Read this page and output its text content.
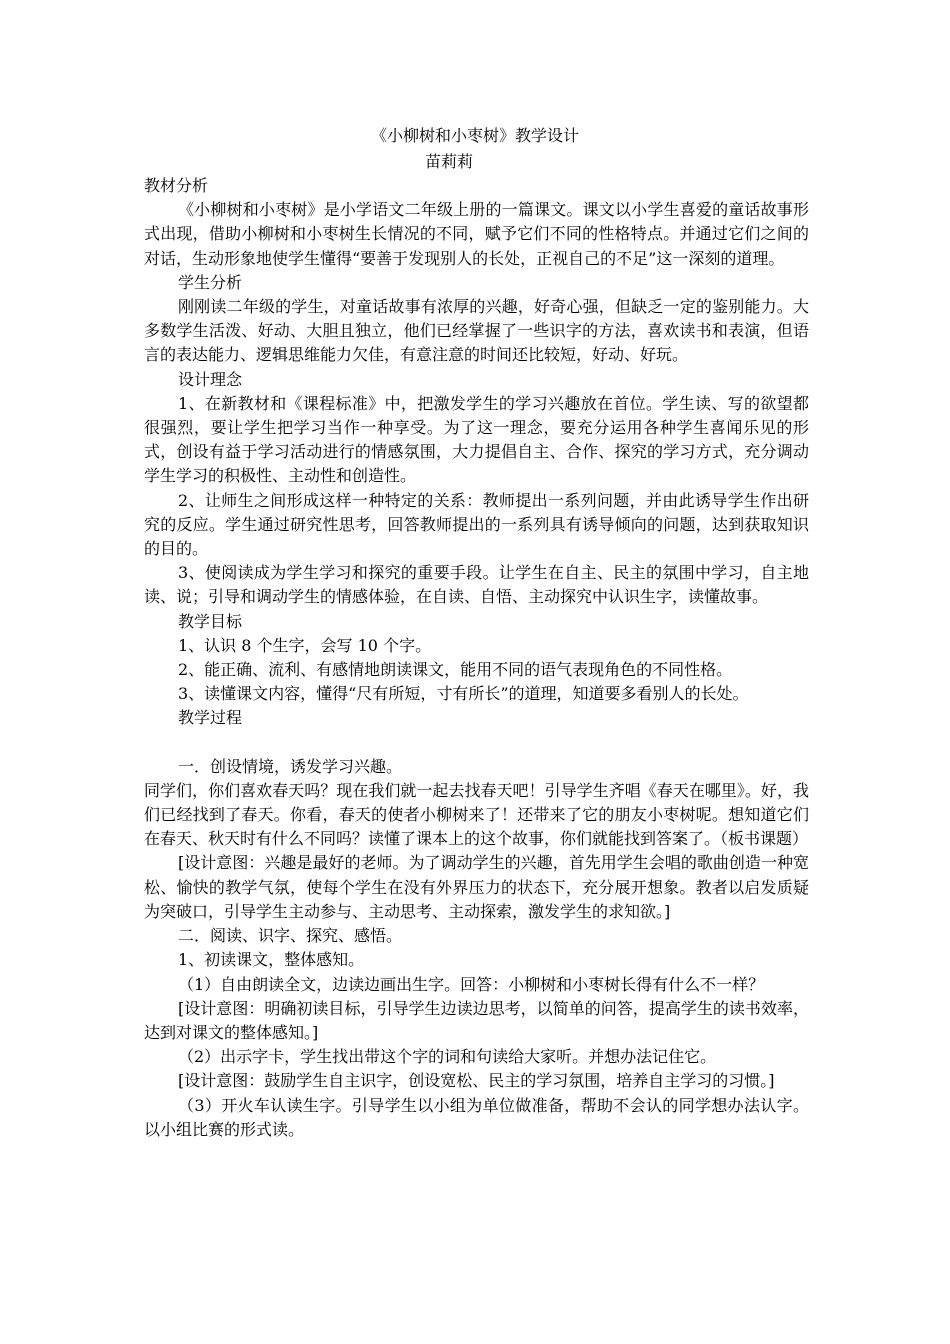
《小柳树和小枣树》教学设计
苗莉莉

教材分析

《小柳树和小枣树》是小学语文二年级上册的一篇课文。课文以小学生喜爱的童话故事形式出现，借助小柳树和小枣树生长情况的不同，赋予它们不同的性格特点。并通过它们之间的对话，生动形象地使学生懂得“要善于发现别人的长处，正视自己的不足”这一深刻的道理。

学生分析

刚刚读二年级的学生，对童话故事有浓厚的兴趣，好奇心强，但缺乏一定的鉴别能力。大多数学生活泼、好动、大胆且独立，他们已经掌握了一些识字的方法，喜欢读书和表演，但语言的表达能力、逻辑思维能力欠佳，有意注意的时间还比较短，好动、好玩。

设计理念

1、在新教材和《课程标准》中，把激发学生的学习兴趣放在首位。学生读、写的欲望都很强烈，要让学生把学习当作一种享受。为了这一理念，要充分运用各种学生喜闻乐见的形式，创设有益于学习活动进行的情感氛围，大力提倡自主、合作、探究的学习方式，充分调动学生学习的积极性、主动性和创造性。

2、让师生之间形成这样一种特定的关系：教师提出一系列问题，并由此诱导学生作出研究的反应。学生通过研究性思考，回答教师提出的一系列具有诱导倾向的问题，达到获取知识的目的。

3、使阅读成为学生学习和探究的重要手段。让学生在自主、民主的氛围中学习，自主地读、说；引导和调动学生的情感体验，在自读、自悟、主动探究中认识生字，读懂故事。

教学目标

1、认识 8 个生字，会写 10 个字。

2、能正确、流利、有感情地朗读课文，能用不同的语气表现角色的不同性格。

3、读懂课文内容，懂得“尺有所短，寸有所长”的道理，知道要多看别人的长处。

教学过程

一．创设情境，诱发学习兴趣。

同学们，你们喜欢春天吗？现在我们就一起去找春天吧！引导学生齐唱《春天在哪里》。好，我们已经找到了春天。你看，春天的使者小柳树来了！还带来了它的朋友小枣树呢。想知道它们在春天、秋天时有什么不同吗？读懂了课本上的这个故事，你们就能找到答案了。（板书课题）

[设计意图：兴趣是最好的老师。为了调动学生的兴趣，首先用学生会唱的歌曲创造一种宽松、愉快的教学气氛，使每个学生在没有外界压力的状态下，充分展开想象。教者以启发质疑为突破口，引导学生主动参与、主动思考、主动探索，激发学生的求知欲。]

二．阅读、识字、探究、感悟。

1、初读课文，整体感知。

（1）自由朗读全文，边读边画出生字。回答：小柳树和小枣树长得有什么不一样？

[设计意图：明确初读目标，引导学生边读边思考，以简单的问答，提高学生的读书效率，达到对课文的整体感知。]

（2）出示字卡，学生找出带这个字的词和句读给大家听。并想办法记住它。

[设计意图：鼓励学生自主识字，创设宽松、民主的学习氛围，培养自主学习的习惯。]

（3）开火车认读生字。引导学生以小组为单位做准备，帮助不会认的同学想办法认字。以小组比赛的形式读。
